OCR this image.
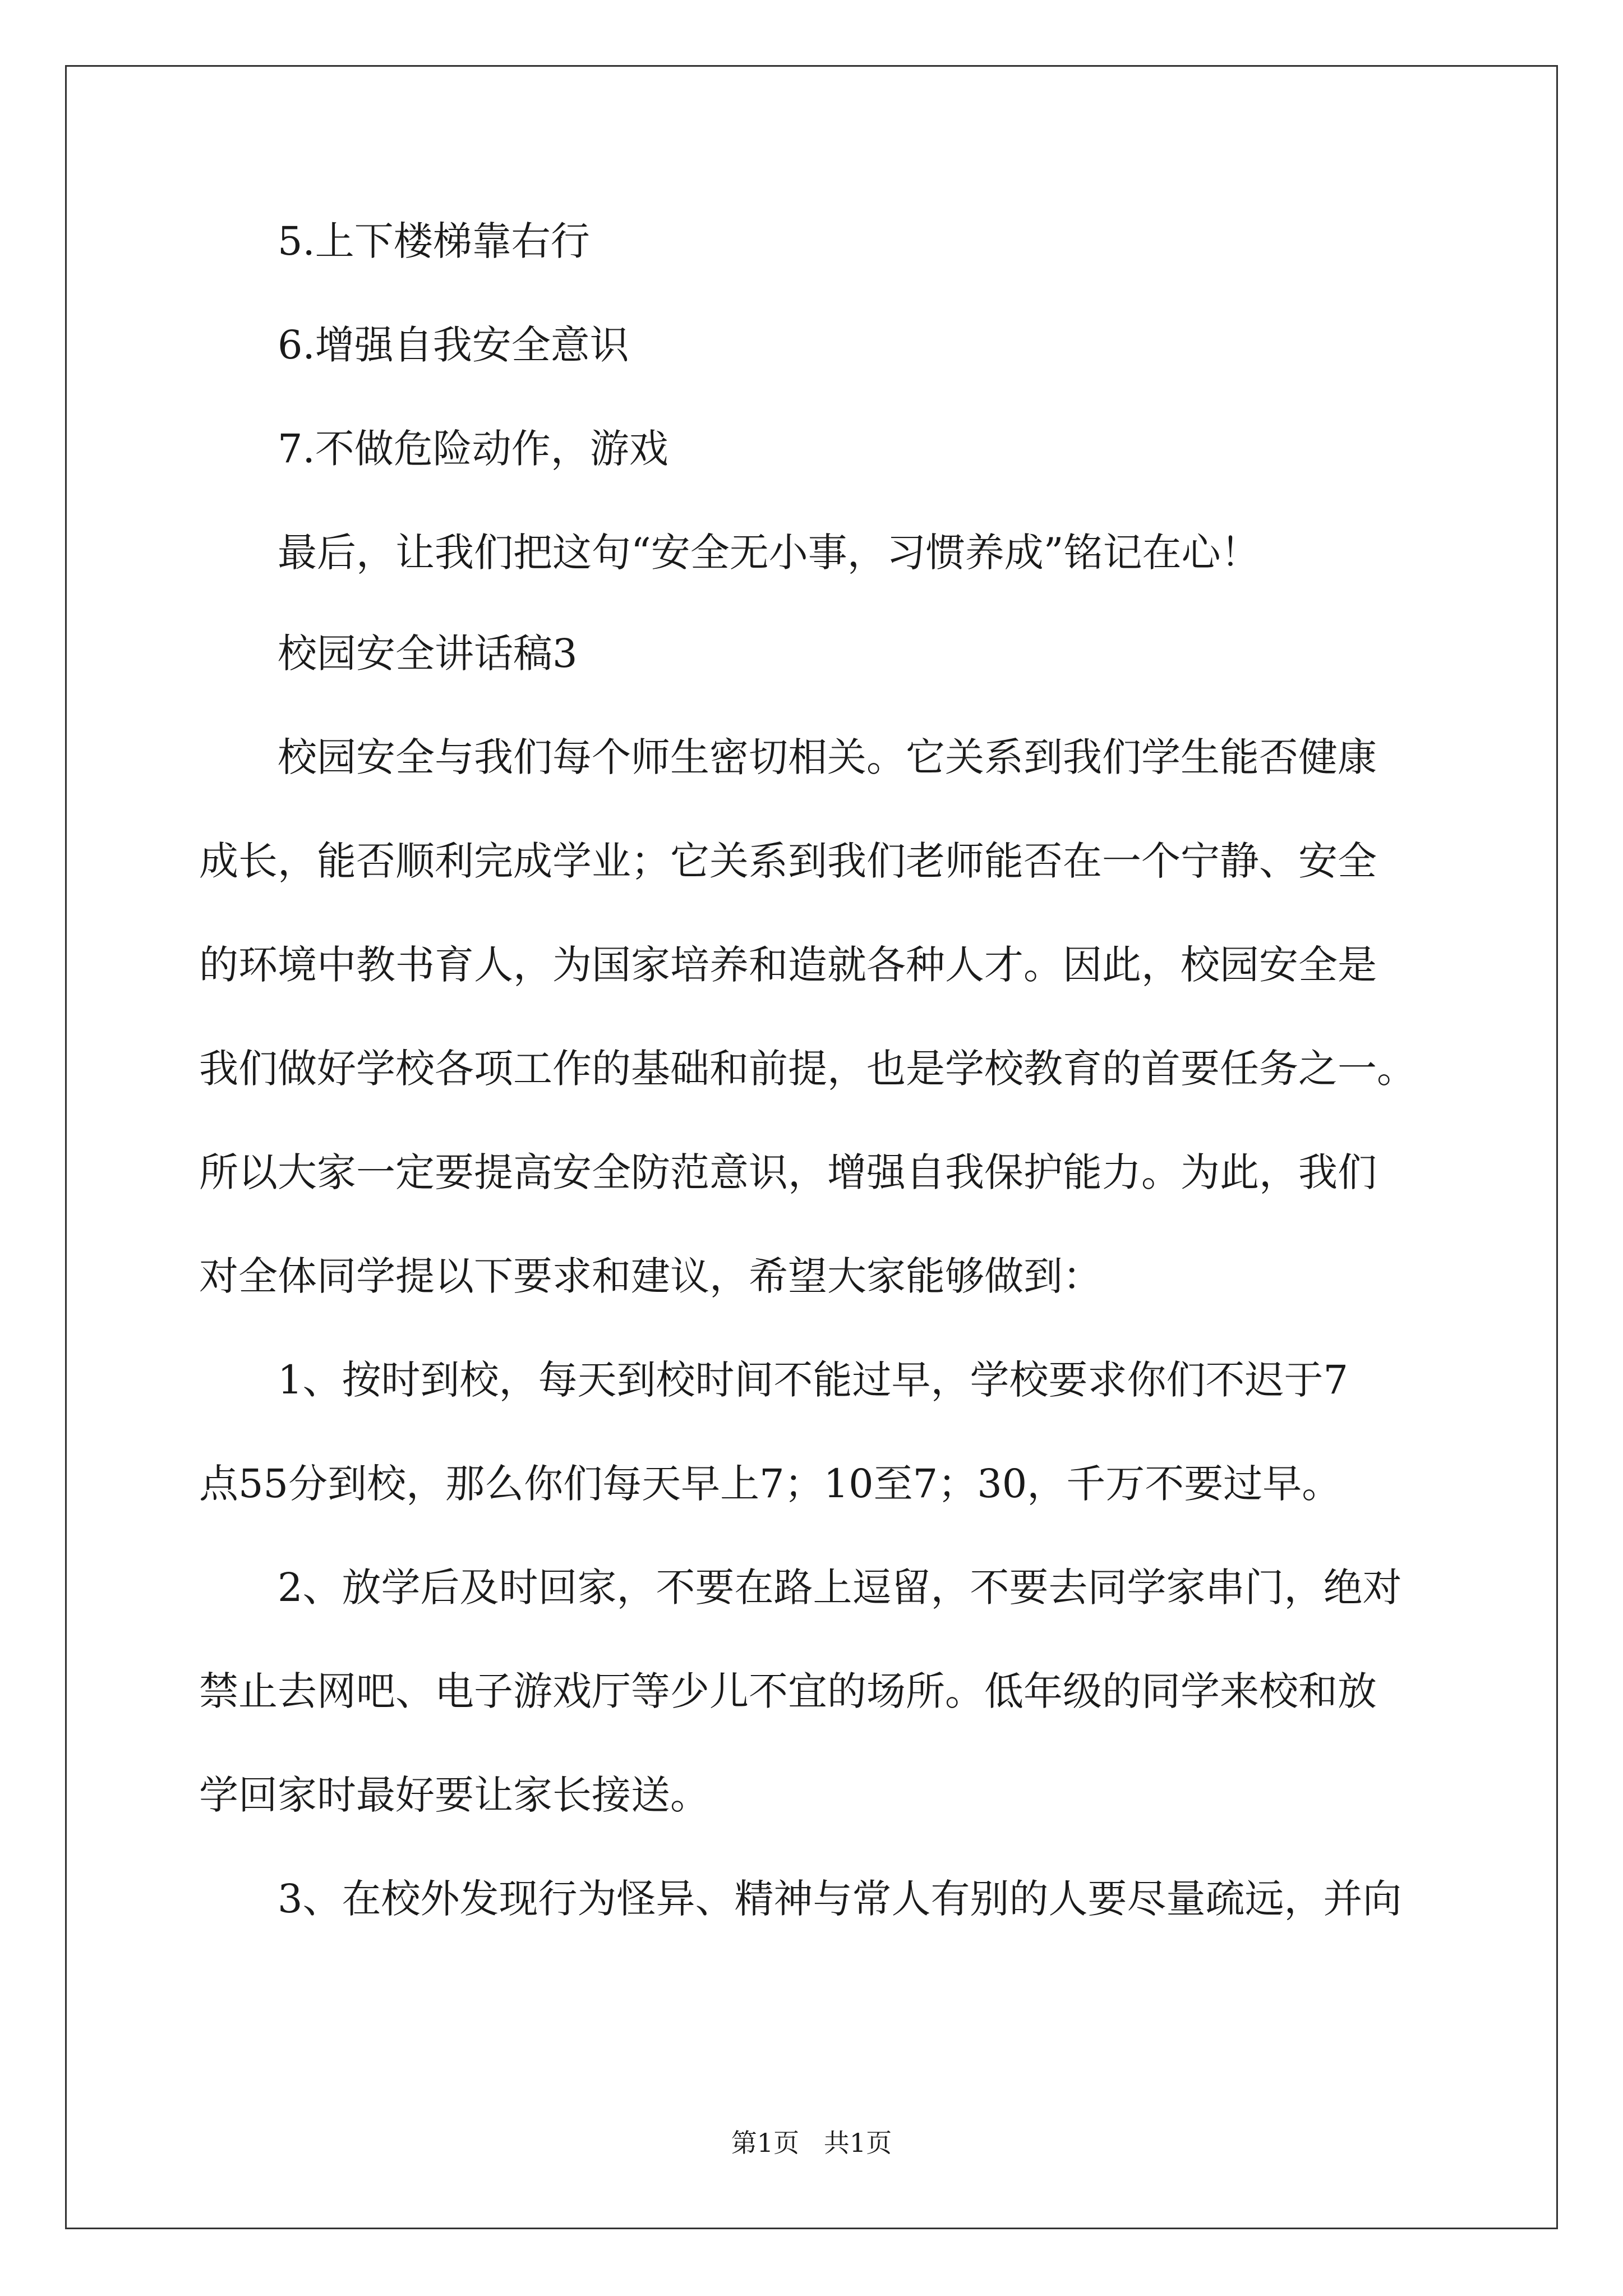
5.上下楼梯靠右行
6.增强自我安全意识
7.不做危险动作，游戏
最后，让我们把这句“安全无小事，习惯养成”铭记在心！
校园安全讲话稿3
校园安全与我们每个师生密切相关。它关系到我们学生能否健康
成长，能否顺利完成学业；它关系到我们老师能否在一个宁静、安全
的环境中教书育人，为国家培养和造就各种人才。因此，校园安全是
我们做好学校各项工作的基础和前提，也是学校教育的首要任务之一。
所以大家一定要提高安全防范意识，增强自我保护能力。为此，我们
对全体同学提以下要求和建议，希望大家能够做到：
1、按时到校，每天到校时间不能过早，学校要求你们不迟于7
点55分到校，那么你们每天早上7；10至7；30，千万不要过早。
2、放学后及时回家，不要在路上逗留，不要去同学家串门，绝对
禁止去网吧、电子游戏厅等少儿不宜的场所。低年级的同学来校和放
学回家时最好要让家长接送。
3、在校外发现行为怪异、精神与常人有别的人要尽量疏远，并向
第1页   共1页
